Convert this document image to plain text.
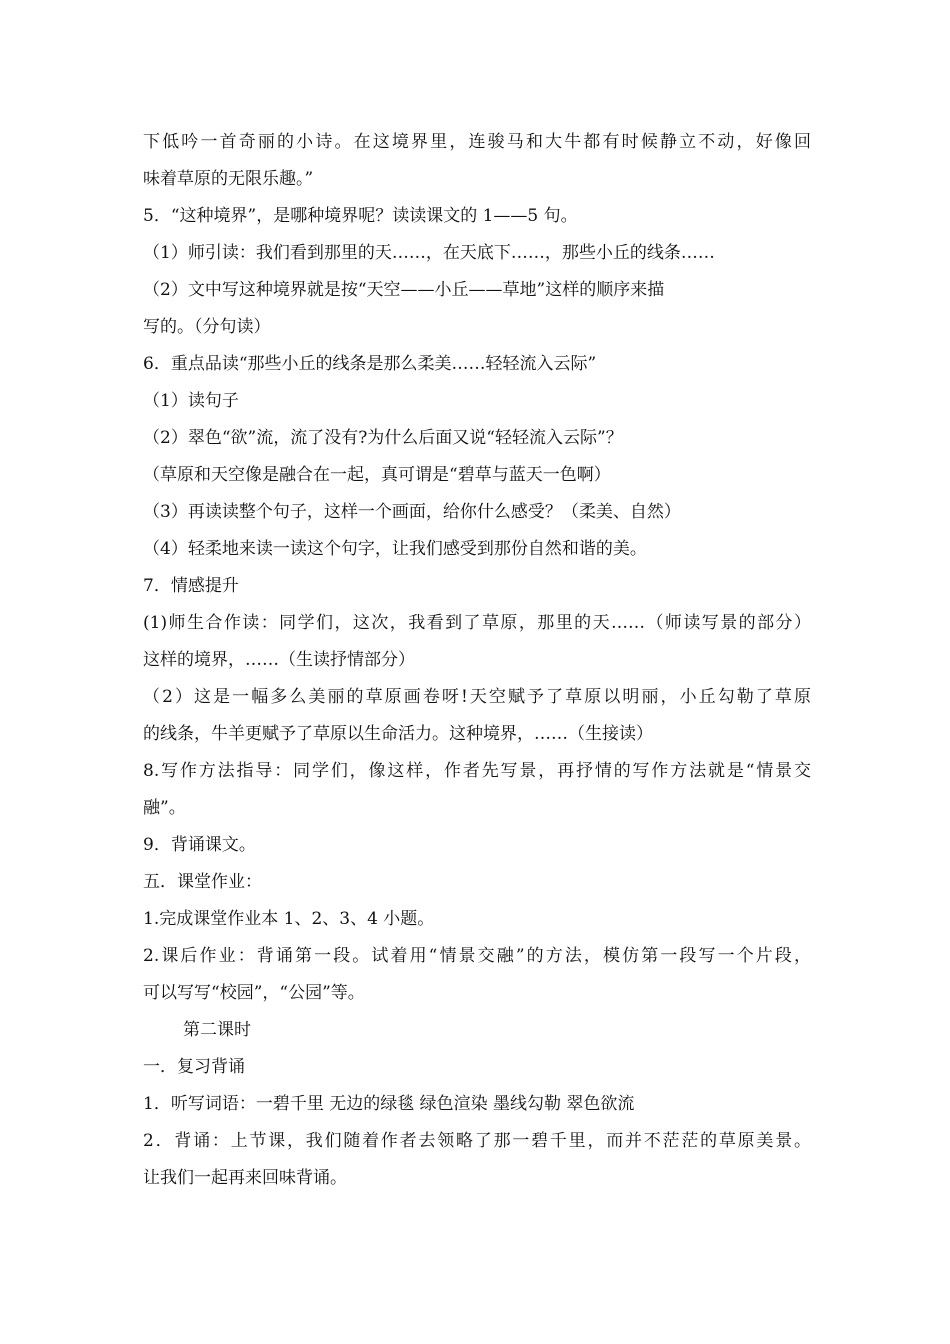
下低吟一首奇丽的小诗。在这境界里，连骏马和大牛都有时候静立不动，好像回
味着草原的无限乐趣。”
5．“这种境界”，是哪种境界呢？读读课文的 1——5 句。
（1）师引读：我们看到那里的天……，在天底下……，那些小丘的线条……
（2）文中写这种境界就是按“天空——小丘——草地”这样的顺序来描
写的。（分句读）
6．重点品读“那些小丘的线条是那么柔美……轻轻流入云际”
（1）读句子
（2）翠色“欲”流，流了没有?为什么后面又说“轻轻流入云际”？
（草原和天空像是融合在一起，真可谓是“碧草与蓝天一色啊）
（3）再读读整个句子，这样一个画面，给你什么感受？（柔美、自然）
（4）轻柔地来读一读这个句字，让我们感受到那份自然和谐的美。
7．情感提升
(1)师生合作读：同学们，这次，我看到了草原，那里的天……（师读写景的部分）
这样的境界，……（生读抒情部分）
（2）这是一幅多么美丽的草原画卷呀!天空赋予了草原以明丽，小丘勾勒了草原
的线条，牛羊更赋予了草原以生命活力。这种境界，……（生接读）
8.写作方法指导：同学们，像这样，作者先写景，再抒情的写作方法就是“情景交
融”。
9．背诵课文。
五．课堂作业：
1.完成课堂作业本 1、2、3、4 小题。
2.课后作业：背诵第一段。试着用“情景交融”的方法，模仿第一段写一个片段，
可以写写“校园”，“公园”等。
第二课时
一．复习背诵
1．听写词语：一碧千里 无边的绿毯 绿色渲染 墨线勾勒 翠色欲流
2．背诵：上节课，我们随着作者去领略了那一碧千里，而并不茫茫的草原美景。
让我们一起再来回味背诵。
